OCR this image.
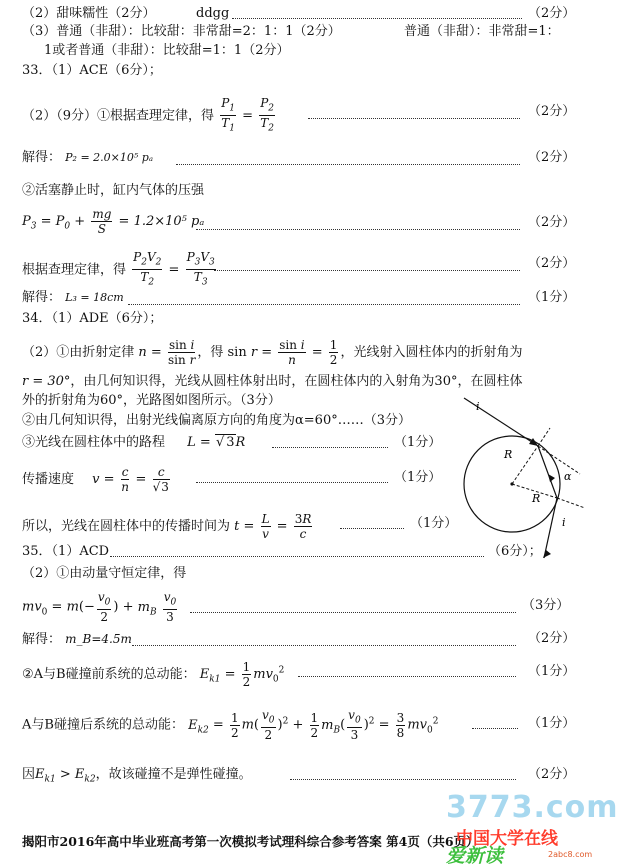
（2）甜味糯性（2分）	ddgg	（2分）
（3）普通（非甜）：比较甜：非常甜=2：1：1（2分）	普通（非甜）：非常甜=1：
1或者普通（非甜）：比较甜=1：1（2分）
33．（1）ACE（6分）；
（2）（9分）①根据查理定律，得 $\frac{P_1}{T_1} = \frac{P_2}{T_2}$	（2分）
解得： P₂ = 2.0×10⁵ pₐ	（2分）
②活塞静止时，缸内气体的压强
$P_3 = P_0 + \frac{mg}{S} = 1.2\times 10^5$ pₐ	（2分）
根据查理定律，得 $\frac{P_2V_2}{T_2} = \frac{P_3V_3}{T_3}$	（2分）
解得： L₃ = 18cm	（1分）
34．（1）ADE（6分）；
（2）①由折射定律 $n = \frac{\text{sin i}}{\text{sin r}}$ ，得 $\sin r = \frac{\text{sin i}}{n} = \frac{1}{2}$ ，光线射入圆柱体内的折射角为
r = 30°，由几何知识得，光线从圆柱体射出时，在圆柱体内的入射角为30°，在圆柱体
外的折射角为60°，光路图如图所示。（3分）
②由几何知识得，出射光线偏离原方向的角度为α=60°……（3分）
③光线在圆柱体中的路程 L = √ 3R	（1分）
传播速度 $v = \frac{c}{n} = \frac{c}{√3}$	（1分）
所以，光线在圆柱体中的传播时间为 $t = \frac{L}{v} = \frac{3R}{c}$	（1分）
i
R
R
α
i
35．（1）ACD	（6分）；
（2）①由动量守恒定律，得
$mv_0 = m(- \frac{v_0}{2}$ ) + $m_B \frac{v_0}{3}$	（3分）
解得： m_B=4.5m	（2分）
②A与B碰撞前系统的总动能： $E_{k1} = \frac{1}{2} mv_0^2$	（1分）
A与B碰撞后系统的总动能： $E_{k2} = \frac{1}{2} m( \frac{v_0}{2} )^2 + \frac{1}{2} m_B( \frac{v_0}{3} )^2 = \frac{3}{8} mv_0^2$	（1分）
因$E_{k1} > E_{k2}$，故该碰撞不是弹性碰撞。	（2分）
揭阳市2016年高中毕业班高考第一次模拟考试理科综合参考答案 第4页（共6页）
3773.com
中国大学在线
爱新读	2abc8.com
